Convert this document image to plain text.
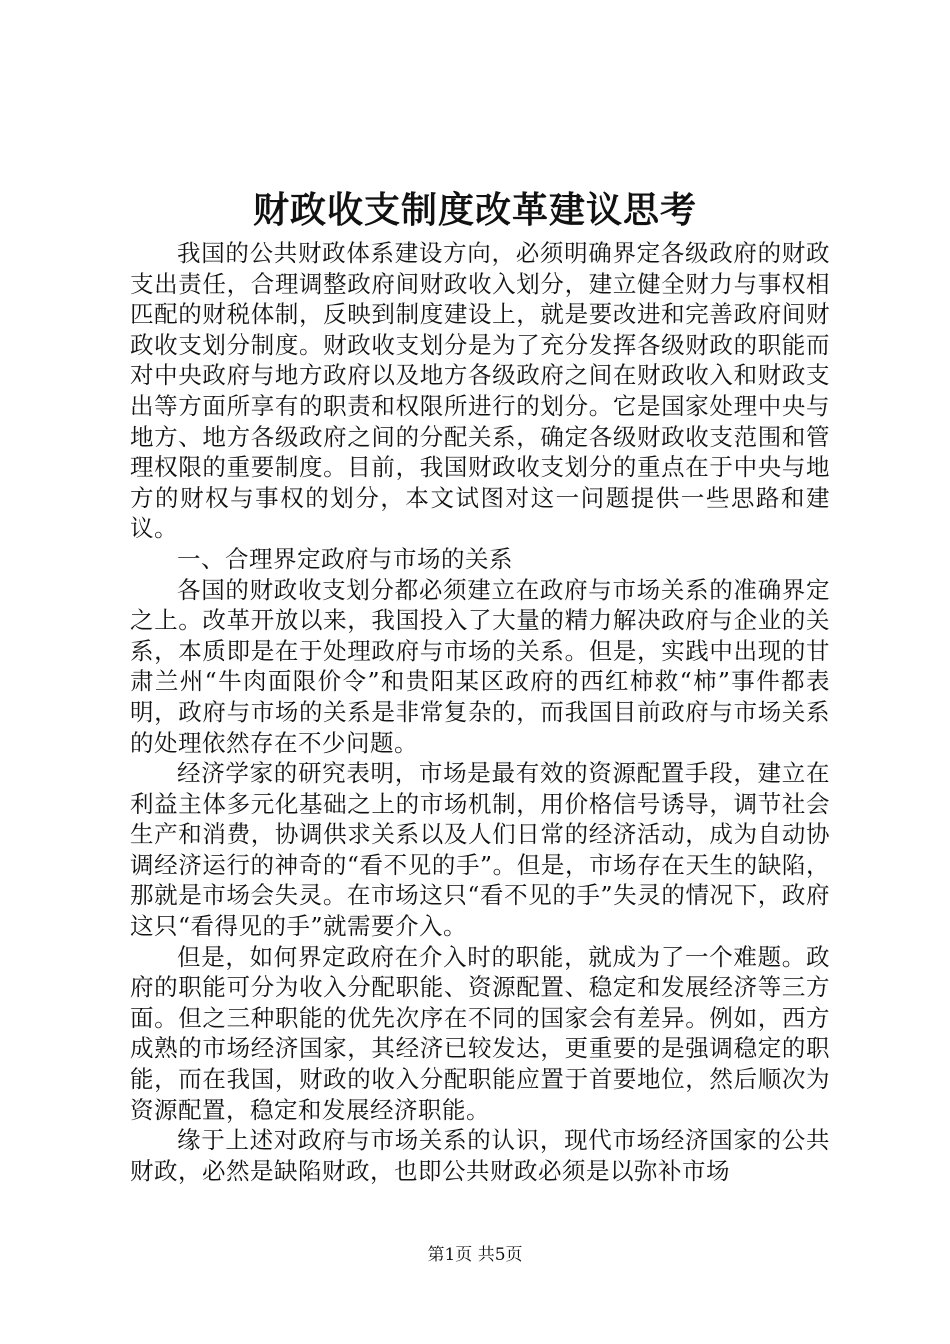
财政收支制度改革建议思考

我国的公共财政体系建设方向，必须明确界定各级政府的财政支出责任，合理调整政府间财政收入划分，建立健全财力与事权相匹配的财税体制，反映到制度建设上，就是要改进和完善政府间财政收支划分制度。财政收支划分是为了充分发挥各级财政的职能而对中央政府与地方政府以及地方各级政府之间在财政收入和财政支出等方面所享有的职责和权限所进行的划分。它是国家处理中央与地方、地方各级政府之间的分配关系，确定各级财政收支范围和管理权限的重要制度。目前，我国财政收支划分的重点在于中央与地方的财权与事权的划分，本文试图对这一问题提供一些思路和建议。

一、合理界定政府与市场的关系

各国的财政收支划分都必须建立在政府与市场关系的准确界定之上。改革开放以来，我国投入了大量的精力解决政府与企业的关系，本质即是在于处理政府与市场的关系。但是，实践中出现的甘肃兰州“牛肉面限价令”和贵阳某区政府的西红柿救“柿”事件都表明，政府与市场的关系是非常复杂的，而我国目前政府与市场关系的处理依然存在不少问题。

经济学家的研究表明，市场是最有效的资源配置手段，建立在利益主体多元化基础之上的市场机制，用价格信号诱导，调节社会生产和消费，协调供求关系以及人们日常的经济活动，成为自动协调经济运行的神奇的“看不见的手”。但是，市场存在天生的缺陷，那就是市场会失灵。在市场这只“看不见的手”失灵的情况下，政府这只“看得见的手”就需要介入。

但是，如何界定政府在介入时的职能，就成为了一个难题。政府的职能可分为收入分配职能、资源配置、稳定和发展经济等三方面。但之三种职能的优先次序在不同的国家会有差异。例如，西方成熟的市场经济国家，其经济已较发达，更重要的是强调稳定的职能，而在我国，财政的收入分配职能应置于首要地位，然后顺次为资源配置，稳定和发展经济职能。

缘于上述对政府与市场关系的认识，现代市场经济国家的公共财政，必然是缺陷财政，也即公共财政必须是以弥补市场

第1页 共5页
